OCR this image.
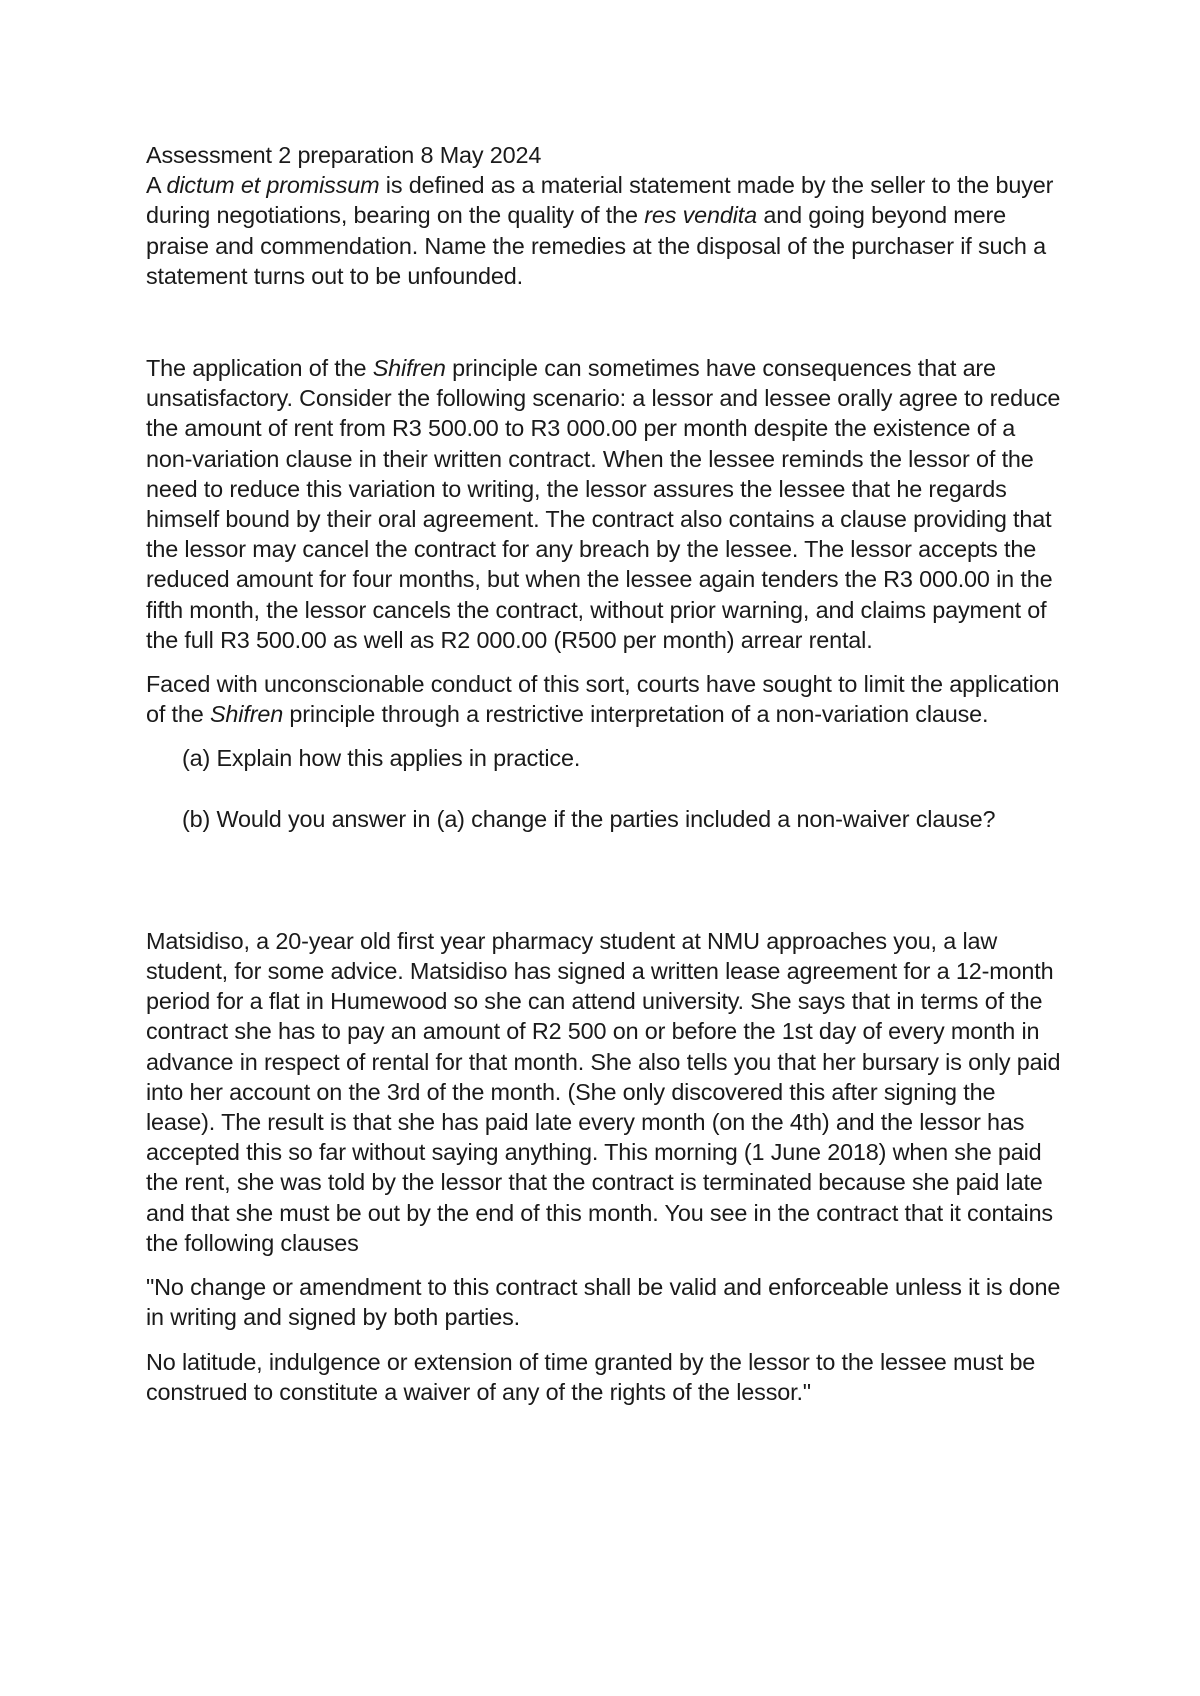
Assessment 2 preparation 8 May 2024

A dictum et promissum is defined as a material statement made by the seller to the buyer during negotiations, bearing on the quality of the res vendita and going beyond mere praise and commendation. Name the remedies at the disposal of the purchaser if such a statement turns out to be unfounded.

The application of the Shifren principle can sometimes have consequences that are unsatisfactory. Consider the following scenario: a lessor and lessee orally agree to reduce the amount of rent from R3 500.00 to R3 000.00 per month despite the existence of a non-variation clause in their written contract. When the lessee reminds the lessor of the need to reduce this variation to writing, the lessor assures the lessee that he regards himself bound by their oral agreement. The contract also contains a clause providing that the lessor may cancel the contract for any breach by the lessee. The lessor accepts the reduced amount for four months, but when the lessee again tenders the R3 000.00 in the fifth month, the lessor cancels the contract, without prior warning, and claims payment of the full R3 500.00 as well as R2 000.00 (R500 per month) arrear rental.

Faced with unconscionable conduct of this sort, courts have sought to limit the application of the Shifren principle through a restrictive interpretation of a non-variation clause.

(a) Explain how this applies in practice.

(b) Would you answer in (a) change if the parties included a non-waiver clause?

Matsidiso, a 20-year old first year pharmacy student at NMU approaches you, a law student, for some advice. Matsidiso has signed a written lease agreement for a 12-month period for a flat in Humewood so she can attend university. She says that in terms of the contract she has to pay an amount of R2 500 on or before the 1st day of every month in advance in respect of rental for that month. She also tells you that her bursary is only paid into her account on the 3rd of the month. (She only discovered this after signing the lease). The result is that she has paid late every month (on the 4th) and the lessor has accepted this so far without saying anything. This morning (1 June 2018) when she paid the rent, she was told by the lessor that the contract is terminated because she paid late and that she must be out by the end of this month. You see in the contract that it contains the following clauses

"No change or amendment to this contract shall be valid and enforceable unless it is done in writing and signed by both parties.

No latitude, indulgence or extension of time granted by the lessor to the lessee must be construed to constitute a waiver of any of the rights of the lessor."
